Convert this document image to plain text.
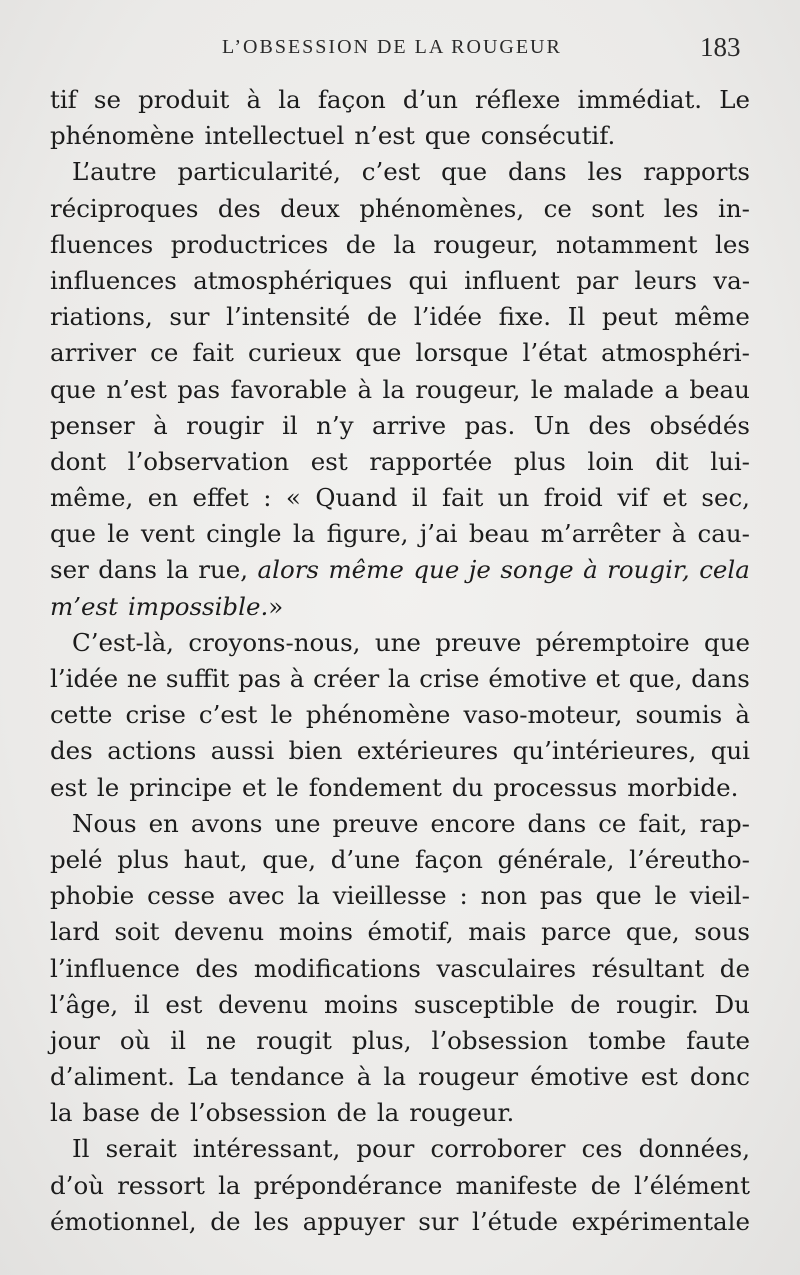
L’OBSESSION DE LA ROUGEUR	183
tif se produit à la façon d’un réflexe immédiat. Le
phénomène intellectuel n’est que consécutif.
L’autre particularité, c’est que dans les rapports
réciproques des deux phénomènes, ce sont les in-
fluences productrices de la rougeur, notamment les
influences atmosphériques qui influent par leurs va-
riations, sur l’intensité de l’idée fixe. Il peut même
arriver ce fait curieux que lorsque l’état atmosphéri-
que n’est pas favorable à la rougeur, le malade a beau
penser à rougir il n’y arrive pas. Un des obsédés
dont l’observation est rapportée plus loin dit lui-
même, en effet : « Quand il fait un froid vif et sec,
que le vent cingle la figure, j’ai beau m’arrêter à cau-
ser dans la rue, alors même que je songe à rougir, cela
m’est impossible.»
C’est-là, croyons-nous, une preuve péremptoire que
l’idée ne suffit pas à créer la crise émotive et que, dans
cette crise c’est le phénomène vaso-moteur, soumis à
des actions aussi bien extérieures qu’intérieures, qui
est le principe et le fondement du processus morbide.
Nous en avons une preuve encore dans ce fait, rap-
pelé plus haut, que, d’une façon générale, l’éreutho-
phobie cesse avec la vieillesse : non pas que le vieil-
lard soit devenu moins émotif, mais parce que, sous
l’influence des modifications vasculaires résultant de
l’âge, il est devenu moins susceptible de rougir. Du
jour où il ne rougit plus, l’obsession tombe faute
d’aliment. La tendance à la rougeur émotive est donc
la base de l’obsession de la rougeur.
Il serait intéressant, pour corroborer ces données,
d’où ressort la prépondérance manifeste de l’élément
émotionnel, de les appuyer sur l’étude expérimentale
